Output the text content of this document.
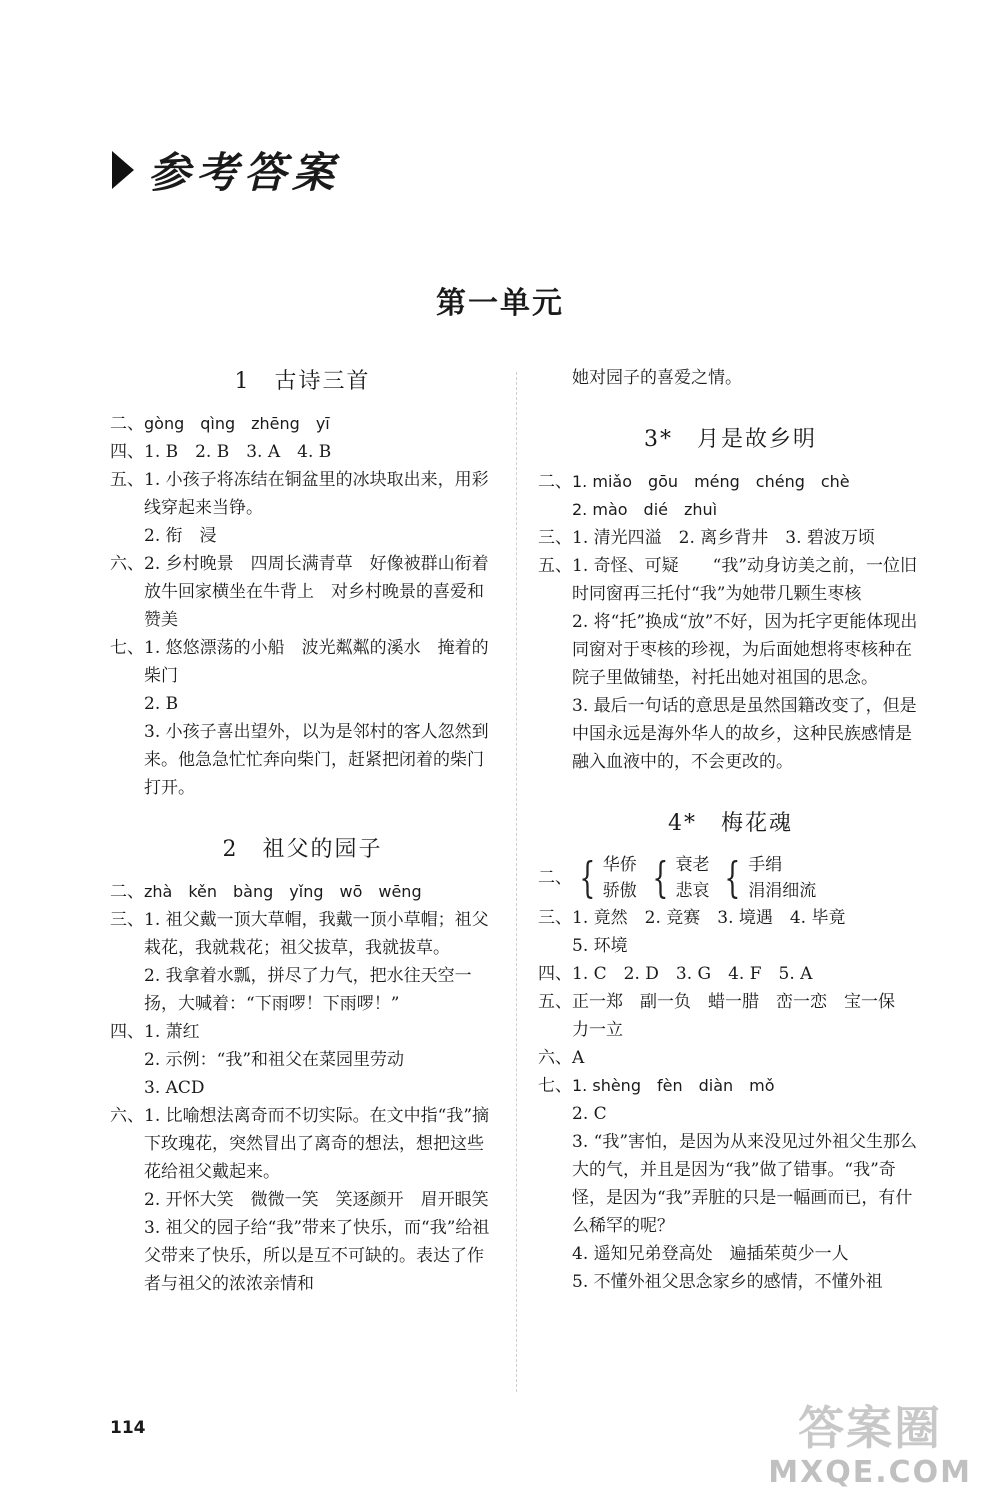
参考答案
第一单元
1　古诗三首
二、 gòng　qìng　zhēng　yī
四、 1. B　2. B　3. A　4. B
五、 1. 小孩子将冻结在铜盆里的冰块取出来，用彩线穿起来当铮。
2. 衔　浸
六、 2. 乡村晚景　四周长满青草　好像被群山衔着　放牛回家横坐在牛背上　对乡村晚景的喜爱和赞美
七、 1. 悠悠漂荡的小船　波光粼粼的溪水　掩着的柴门
2. B
3. 小孩子喜出望外，以为是邻村的客人忽然到来。他急急忙忙奔向柴门，赶紧把闭着的柴门打开。
2　祖父的园子
二、 zhà　kěn　bàng　yǐng　wō　wēng
三、 1. 祖父戴一顶大草帽，我戴一顶小草帽；祖父栽花，我就栽花；祖父拔草，我就拔草。
2. 我拿着水瓢，拼尽了力气，把水往天空一扬，大喊着：“下雨啰！下雨啰！”
四、 1. 萧红
2. 示例：“我”和祖父在菜园里劳动
3. ACD
六、 1. 比喻想法离奇而不切实际。在文中指“我”摘下玫瑰花，突然冒出了离奇的想法，想把这些花给祖父戴起来。
2. 开怀大笑　微微一笑　笑逐颜开　眉开眼笑
3. 祖父的园子给“我”带来了快乐，而“我”给祖父带来了快乐，所以是互不可缺的。表达了作者与祖父的浓浓亲情和
她对园子的喜爱之情。
3*　月是故乡明
二、 1. miǎo　gōu　méng　chéng　chè
2. mào　dié　zhuì
三、 1. 清光四溢　2. 离乡背井　3. 碧波万顷
五、 1. 奇怪、可疑　　“我”动身访美之前，一位旧时同窗再三托付“我”为她带几颗生枣核
2. 将“托”换成“放”不好，因为托字更能体现出同窗对于枣核的珍视，为后面她想将枣核种在院子里做铺垫，衬托出她对祖国的思念。
3. 最后一句话的意思是虽然国籍改变了，但是中国永远是海外华人的故乡，这种民族感情是融入血液中的，不会更改的。
4*　梅花魂
二、 { 华侨
骄傲 { 衰老
悲哀 { 手绢
涓涓细流
三、 1. 竟然　2. 竞赛　3. 境遇　4. 毕竟
5. 环境
四、 1. C　2. D　3. G　4. F　5. A
五、 正一郑　副一负　蜡一腊　峦一恋　宝一保　力一立
六、 A
七、 1. shèng　fèn　diàn　mǒ
2. C
3. “我”害怕，是因为从来没见过外祖父生那么大的气，并且是因为“我”做了错事。“我”奇怪，是因为“我”弄脏的只是一幅画而已，有什么稀罕的呢？
4. 遥知兄弟登高处　遍插茱萸少一人
5. 不懂外祖父思念家乡的感情，不懂外祖
114	答案圈
MXQE.COM
